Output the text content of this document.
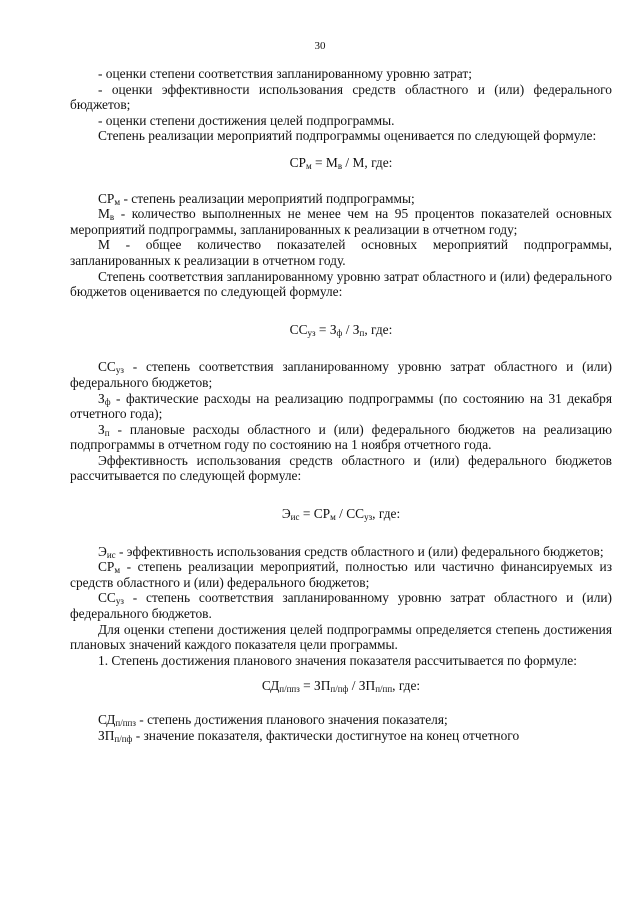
30

- оценки степени соответствия запланированному уровню затрат;

- оценки эффективности использования средств областного и (или) федерального бюджетов;

- оценки степени достижения целей подпрограммы.

Степень реализации мероприятий подпрограммы оценивается по следующей формуле:

$СР_м = М_в / М$, где:

$СР_м$ - степень реализации мероприятий подпрограммы;

$М_в$ - количество выполненных не менее чем на 95 процентов показателей основных мероприятий подпрограммы, запланированных к реализации в отчетном году;

М - общее количество показателей основных мероприятий подпрограммы, запланированных к реализации в отчетном году.

Степень соответствия запланированному уровню затрат областного и (или) федерального бюджетов оценивается по следующей формуле:

$СС_{уз} = З_ф / З_п$, где:

$СС_{уз}$ - степень соответствия запланированному уровню затрат областного и (или) федерального бюджетов;

$З_ф$ - фактические расходы на реализацию подпрограммы (по состоянию на 31 декабря отчетного года);

$З_п$ - плановые расходы областного и (или) федерального бюджетов на реализацию подпрограммы в отчетном году по состоянию на 1 ноября отчетного года.

Эффективность использования средств областного и (или) федерального бюджетов рассчитывается по следующей формуле:

$Э_{ис} = СР_м / СС_{уз}$, где:

$Э_{ис}$ - эффективность использования средств областного и (или) федерального бюджетов;

$СР_м$ - степень реализации мероприятий, полностью или частично финансируемых из средств областного и (или) федерального бюджетов;

$СС_{уз}$ - степень соответствия запланированному уровню затрат областного и (или) федерального бюджетов.

Для оценки степени достижения целей подпрограммы определяется степень достижения плановых значений каждого показателя цели программы.

1. Степень достижения планового значения показателя рассчитывается по формуле:

$СД_{п/ппз} = ЗП_{п/пф} / ЗП_{п/пп}$, где:

$СД_{п/ппз}$ - степень достижения планового значения показателя;

$ЗП_{п/пф}$ - значение показателя, фактически достигнутое на конец отчетного
